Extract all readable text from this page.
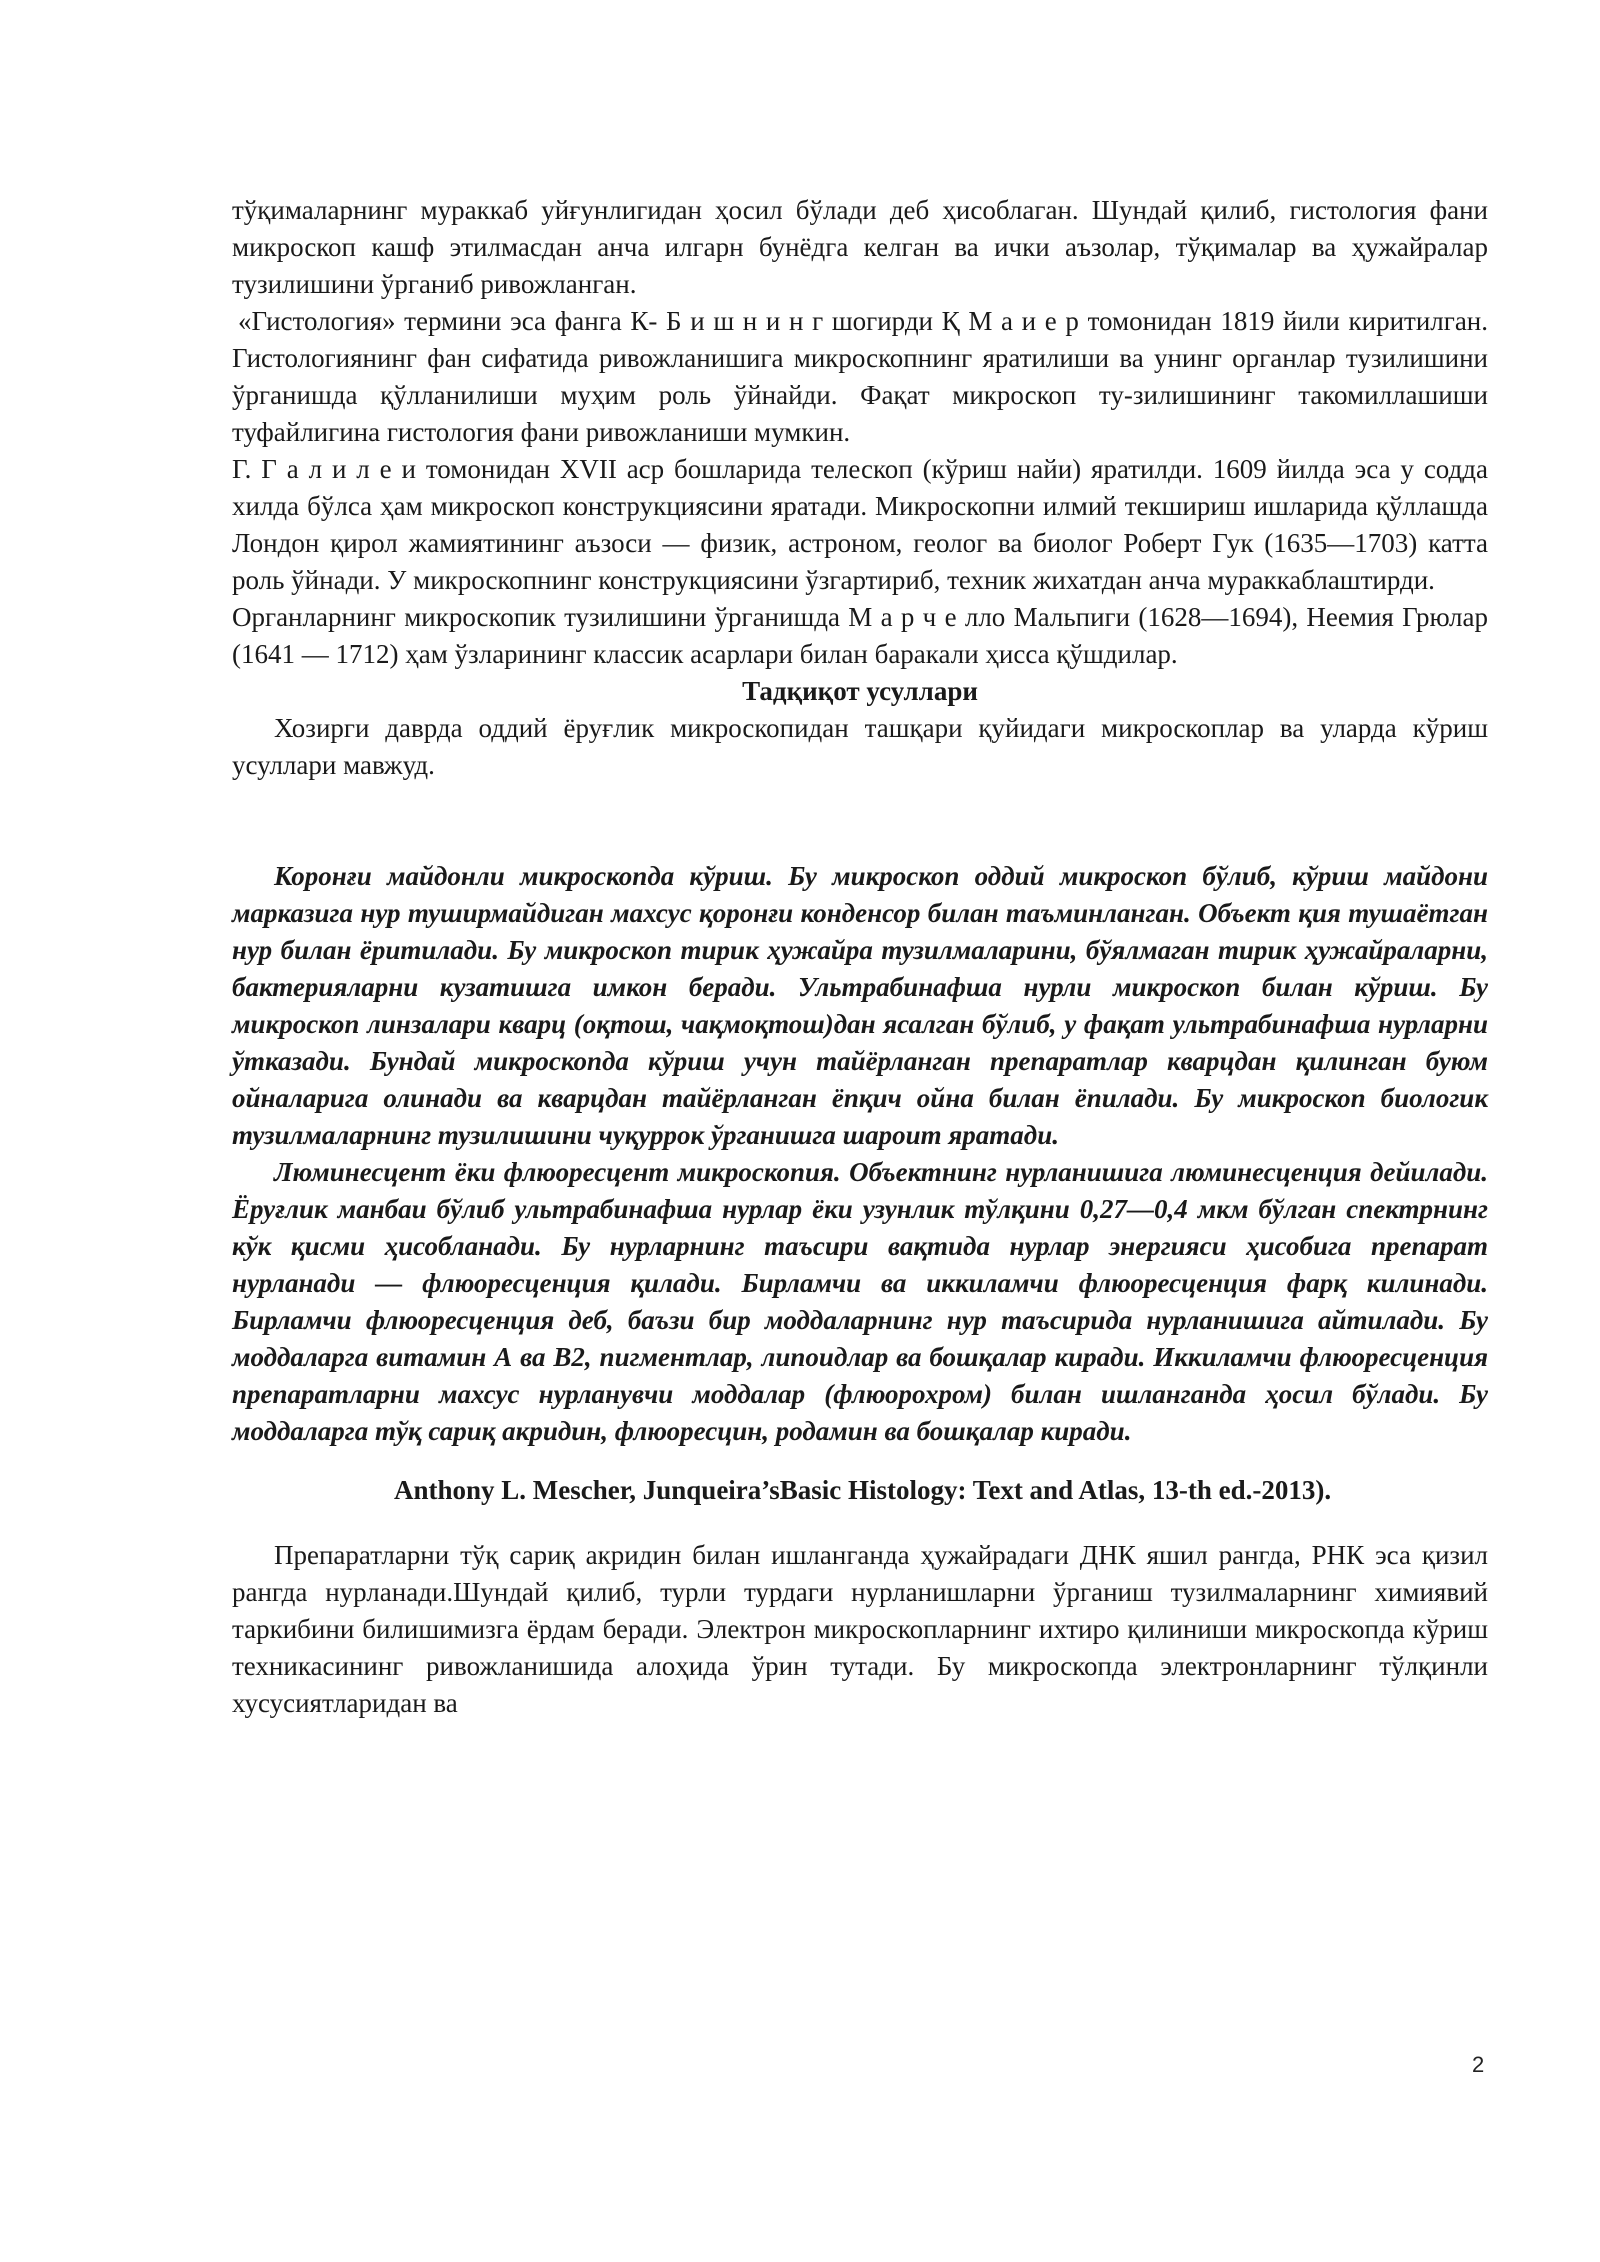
тўқималарнинг мураккаб уйғунлигидан ҳосил бўлади деб ҳисоблаган. Шундай қилиб, гистология фани микроскоп кашф этилмасдан анча илгарн бунёдга келган ва ички аъзолар, тўқималар ва ҳужайралар тузилишини ўрганиб ривожланган.

«Гистология» термини эса фанга К- Б и ш н и н г шогирди Қ М а и е р томонидан 1819 йили киритилган. Гистологиянинг фан сифатида ривожланишига микроскопнинг яратилиши ва унинг органлар тузилишини ўрганишда қўлланилиши муҳим роль ўйнайди. Фақат микроскоп ту-зилишининг такомиллашиши туфайлигина гистология фани ривожланиши мумкин.

Г. Г а л и л е и томонидан XVII аср бошларида телескоп (кўриш найи) яратилди. 1609 йилда эса у содда хилда бўлса ҳам микроскоп конструкциясини яратади. Микроскопни илмий текшириш ишларида қўллашда Лондон қирол жамиятининг аъзоси — физик, астроном, геолог ва биолог Роберт Гук (1635—1703) катта роль ўйнади. У микроскопнинг конструкциясини ўзгартириб, техник жихатдан анча мураккаблаштирди.

Органларнинг микроскопик тузилишини ўрганишда М а р ч е лло Мальпиги (1628—1694), Неемия Грюлар (1641 — 1712) ҳам ўзларининг классик асарлари билан баракали ҳисса қўшдилар.

Тадқиқот усуллари

Хозирги даврда оддий ёруғлик микроскопидан ташқари қуйидаги микроскоплар ва уларда кўриш усуллари мавжуд.

Коронғи майдонли микроскопда кўриш. Бу микроскоп оддий микроскоп бўлиб, кўриш майдони марказига нур туширмайдиган махсус қоронғи конденсор билан таъминланган. Объект қия тушаётган нур билан ёритилади. Бу микроскоп тирик ҳужайра тузилмаларини, бўялмаган тирик ҳужайраларни, бактерияларни кузатишга имкон беради. Ультрабинафша нурли микроскоп билан кўриш. Бу микроскоп линзалари кварц (оқтош, чақмоқтош)дан ясалган бўлиб, у фақат ультрабинафша нурларни ўтказади. Бундай микроскопда кўриш учун тайёрланган препаратлар кварцдан қилинган буюм ойналарига олинади ва кварцдан тайёрланган ёпқич ойна билан ёпилади. Бу микроскоп биологик тузилмаларнинг тузилишини чуқуррок ўрганишга шароит яратади.

Люминесцент ёки флюоресцент микроскопия. Объектнинг нурланишига люминесценция дейилади. Ёруғлик манбаи бўлиб ультрабинафша нурлар ёки узунлик тўлқини 0,27—0,4 мкм бўлган спектрнинг кўк қисми ҳисобланади. Бу нурларнинг таъсири вақтида нурлар энергияси ҳисобига препарат нурланади — флюоресценция қилади. Бирламчи ва иккиламчи флюоресценция фарқ килинади. Бирламчи флюоресценция деб, баъзи бир моддаларнинг нур таъсирида нурланишига айтилади. Бу моддаларга витамин А ва В2, пигментлар, липоидлар ва бошқалар киради. Иккиламчи флюоресценция препаратларни махсус нурланувчи моддалар (флюорохром) билан ишланганда ҳосил бўлади. Бу моддаларга тўқ сариқ акридин, флюоресцин, родамин ва бошқалар киради.

Anthony L. Mescher, Junqueira’sBasic Histology: Text and Atlas, 13-th ed.-2013).

Препаратларни тўқ сариқ акридин билан ишланганда ҳужайрадаги ДНК яшил рангда, РНК эса қизил рангда нурланади.Шундай қилиб, турли турдаги нурланишларни ўрганиш тузилмаларнинг химиявий таркибини билишимизга ёрдам беради. Электрон микроскопларнинг ихтиро қилиниши микроскопда кўриш техникасининг ривожланишида алоҳида ўрин тутади. Бу микроскопда электронларнинг тўлқинли хусусиятларидан ва

2
